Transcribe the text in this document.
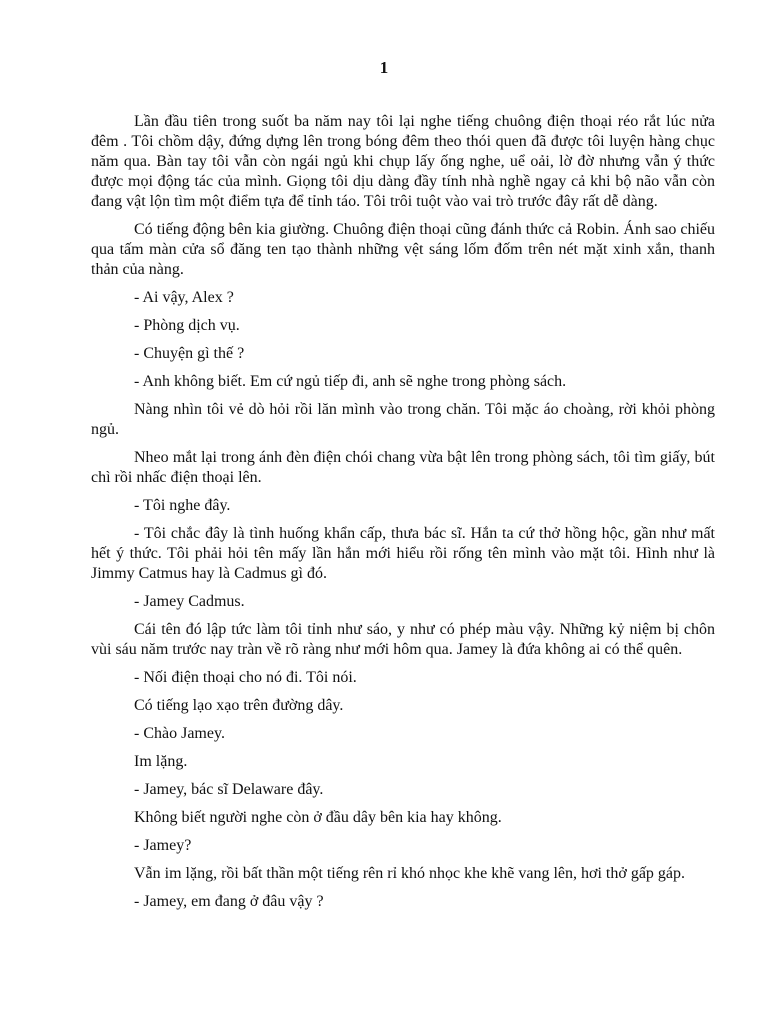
1

Lần đầu tiên trong suốt ba năm nay tôi lại nghe tiếng chuông điện thoại réo rắt lúc nửa đêm . Tôi chồm dậy, đứng dựng lên trong bóng đêm theo thói quen đã được tôi luyện hàng chục năm qua. Bàn tay tôi vẫn còn ngái ngủ khi chụp lấy ống nghe, uể oải, lờ đờ nhưng vẫn ý thức được mọi động tác của mình. Giọng tôi dịu dàng đầy tính nhà nghề ngay cả khi bộ não vẫn còn đang vật lộn tìm một điểm tựa để tỉnh táo. Tôi trôi tuột vào vai trò trước đây rất dễ dàng.

Có tiếng động bên kia giường. Chuông điện thoại cũng đánh thức cả Robin. Ánh sao chiếu qua tấm màn cửa sổ đăng ten tạo thành những vệt sáng lốm đốm trên nét mặt xinh xắn, thanh thản của nàng.

- Ai vậy, Alex ?

- Phòng dịch vụ.

- Chuyện gì thế ?

- Anh không biết. Em cứ ngủ tiếp đi, anh sẽ nghe trong phòng sách.

Nàng nhìn tôi vẻ dò hỏi rồi lăn mình vào trong chăn. Tôi mặc áo choàng, rời khỏi phòng ngủ.

Nheo mắt lại trong ánh đèn điện chói chang vừa bật lên trong phòng sách, tôi tìm giấy, bút chì rồi nhấc điện thoại lên.

- Tôi nghe đây.

- Tôi chắc đây là tình huống khẩn cấp, thưa bác sĩ. Hắn ta cứ thở hồng hộc, gần như mất hết ý thức. Tôi phải hỏi tên mấy lần hắn mới hiểu rồi rống tên mình vào mặt tôi. Hình như là Jimmy Catmus hay là Cadmus gì đó.

- Jamey Cadmus.

Cái tên đó lập tức làm tôi tỉnh như sáo, y như có phép màu vậy. Những kỷ niệm bị chôn vùi sáu năm trước nay tràn về rõ ràng như mới hôm qua. Jamey là đứa không ai có thể quên.

- Nối điện thoại cho nó đi. Tôi nói.

Có tiếng lạo xạo trên đường dây.

- Chào Jamey.

Im lặng.

- Jamey, bác sĩ Delaware đây.

Không biết người nghe còn ở đầu dây bên kia hay không.

- Jamey?

Vẫn im lặng, rồi bất thần một tiếng rên rỉ khó nhọc khe khẽ vang lên, hơi thở gấp gáp.

- Jamey, em đang ở đâu vậy ?
